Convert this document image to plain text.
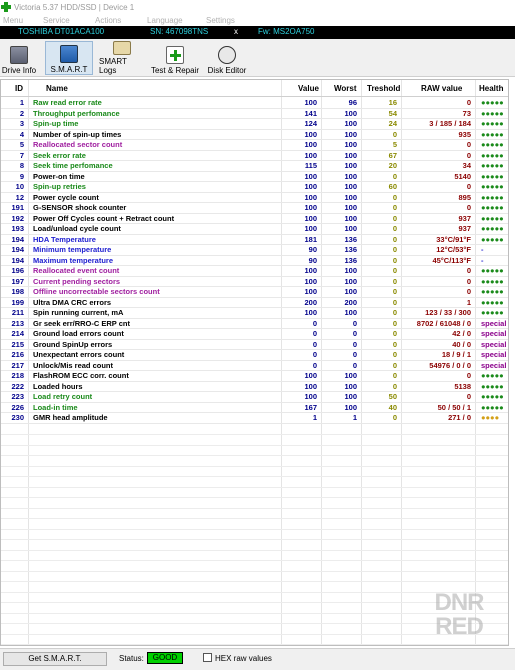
Victoria 5.37 HDD/SSD | Device 1
Menu Service	Actions	Language	Settings
TOSHIBA DT01ACA100	SN: 467098TNS	x	Fw: MS2OA750
Drive Info S.M.A.R.T
SMART Logs	Test & Repair Disk Editor
ID	Name	Value Worst Treshold	RAW value Health
1 Raw read error rate	100	96	16	0 ●●●●●
2 Throughput perfomance	141	100	54	73 ●●●●●
3 Spin-up time	124	100	24	3 / 185 / 184 ●●●●●
4 Number of spin-up times	100	100	0	935 ●●●●●
5 Reallocated sector count	100	100	5	0 ●●●●●
7 Seek error rate	100	100	67	0 ●●●●●
8 Seek time perfomance	115	100	20	34 ●●●●●
9 Power-on time	100	100	0	5140 ●●●●●
10 Spin-up retries	100	100	60	0 ●●●●●
12 Power cycle count	100	100	0	895 ●●●●●
191 G-SENSOR shock counter	100	100	0	0 ●●●●●
192 Power Off Cycles count + Retract count	100	100	0	937 ●●●●●
193 Load/unload cycle count	100	100	0	937 ●●●●●
194 HDA Temperature	181	136	0	33°C/91°F ●●●●●
194 Minimum temperature	90	136	0	12°C/53°F -
194 Maximum temperature	90	136	0	45°C/113°F -
196 Reallocated event count	100	100	0	0 ●●●●●
197 Current pending sectors	100	100	0	0 ●●●●●
198 Offline uncorrectable sectors count	100	100	0	0 ●●●●●
199 Ultra DMA CRC errors	200	200	0	1 ●●●●●
211 Spin running current, mA	100	100	0	123 / 33 / 300 ●●●●●
213 Gr seek err/RRO-C ERP cnt	0	0	0	8702 / 61048 / 0 special
214 Ground load errors count	0	0	0	42 / 0 special
215 Ground SpinUp errors	0	0	0	40 / 0 special
216 Unexpectant errors count	0	0	0	18 / 9 / 1 special
217 Unlock/Mis read count	0	0	0	54976 / 0 / 0 special
218 FlashROM ECC corr. count	100	100	0	0 ●●●●●
222 Loaded hours	100	100	0	5138 ●●●●●
223 Load retry count	100	100	50	0 ●●●●●
226 Load-in time	167	100	40	50 / 50 / 1 ●●●●●
230 GMR head amplitude	1	1	0	271 / 0 ●●●●
DNR
RED
Get S.M.A.R.T.	Status:	GOOD	HEX raw values
